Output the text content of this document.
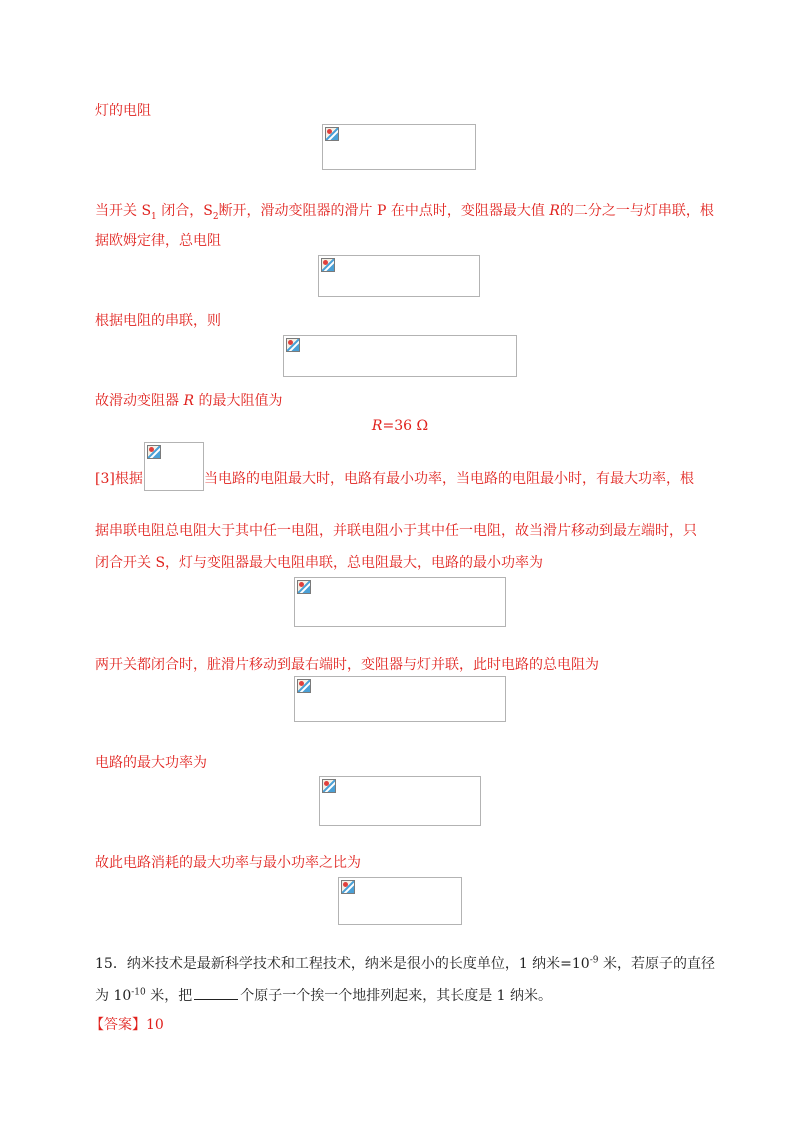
灯的电阻
当开关 $S_1$ 闭合，$S_2$断开，滑动变阻器的滑片 P 在中点时，变阻器最大值 R的二分之一与灯串联，根
据欧姆定律，总电阻
根据电阻的串联，则
故滑动变阻器 R 的最大阻值为
R=36 Ω
[3]根据	当电路的电阻最大时，电路有最小功率，当电路的电阻最小时，有最大功率，根
据串联电阻总电阻大于其中任一电阻，并联电阻小于其中任一电阻，故当滑片移动到最左端时，只
闭合开关 S，灯与变阻器最大电阻串联，总电阻最大，电路的最小功率为
两开关都闭合时，脏滑片移动到最右端时，变阻器与灯并联，此时电路的总电阻为
电路的最大功率为
故此电路消耗的最大功率与最小功率之比为
15．纳米技术是最新科学技术和工程技术，纳米是很小的长度单位，1 纳米$=10^{-9}$ 米，若原子的直径
为 $10^{-10}$ 米，把	个原子一个挨一个地排列起来，其长度是 1 纳米。
【答案】10
